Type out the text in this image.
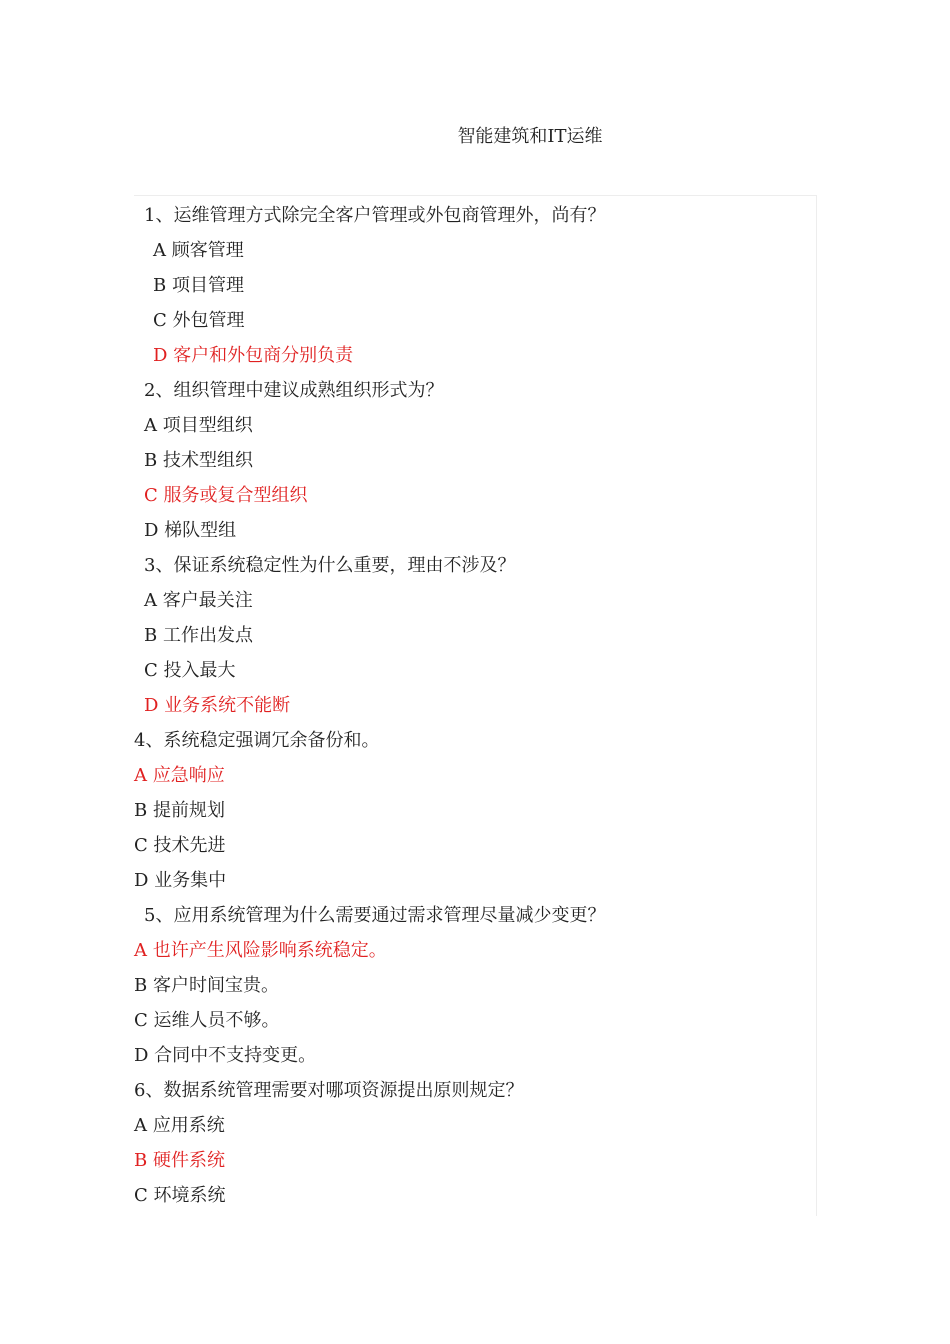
智能建筑和IT运维
1、运维管理方式除完全客户管理或外包商管理外，尚有？
A 顾客管理
B 项目管理
C 外包管理
D 客户和外包商分别负责
2、组织管理中建议成熟组织形式为？
A 项目型组织
B 技术型组织
C 服务或复合型组织
D 梯队型组
3、保证系统稳定性为什么重要，理由不涉及？
A 客户最关注
B 工作出发点
C 投入最大
D 业务系统不能断
4、系统稳定强调冗余备份和。
A 应急响应
B 提前规划
C 技术先进
D 业务集中
5、应用系统管理为什么需要通过需求管理尽量减少变更？
A 也许产生风险影响系统稳定。
B 客户时间宝贵。
C 运维人员不够。
D 合同中不支持变更。
6、数据系统管理需要对哪项资源提出原则规定？
A 应用系统
B 硬件系统
C 环境系统
